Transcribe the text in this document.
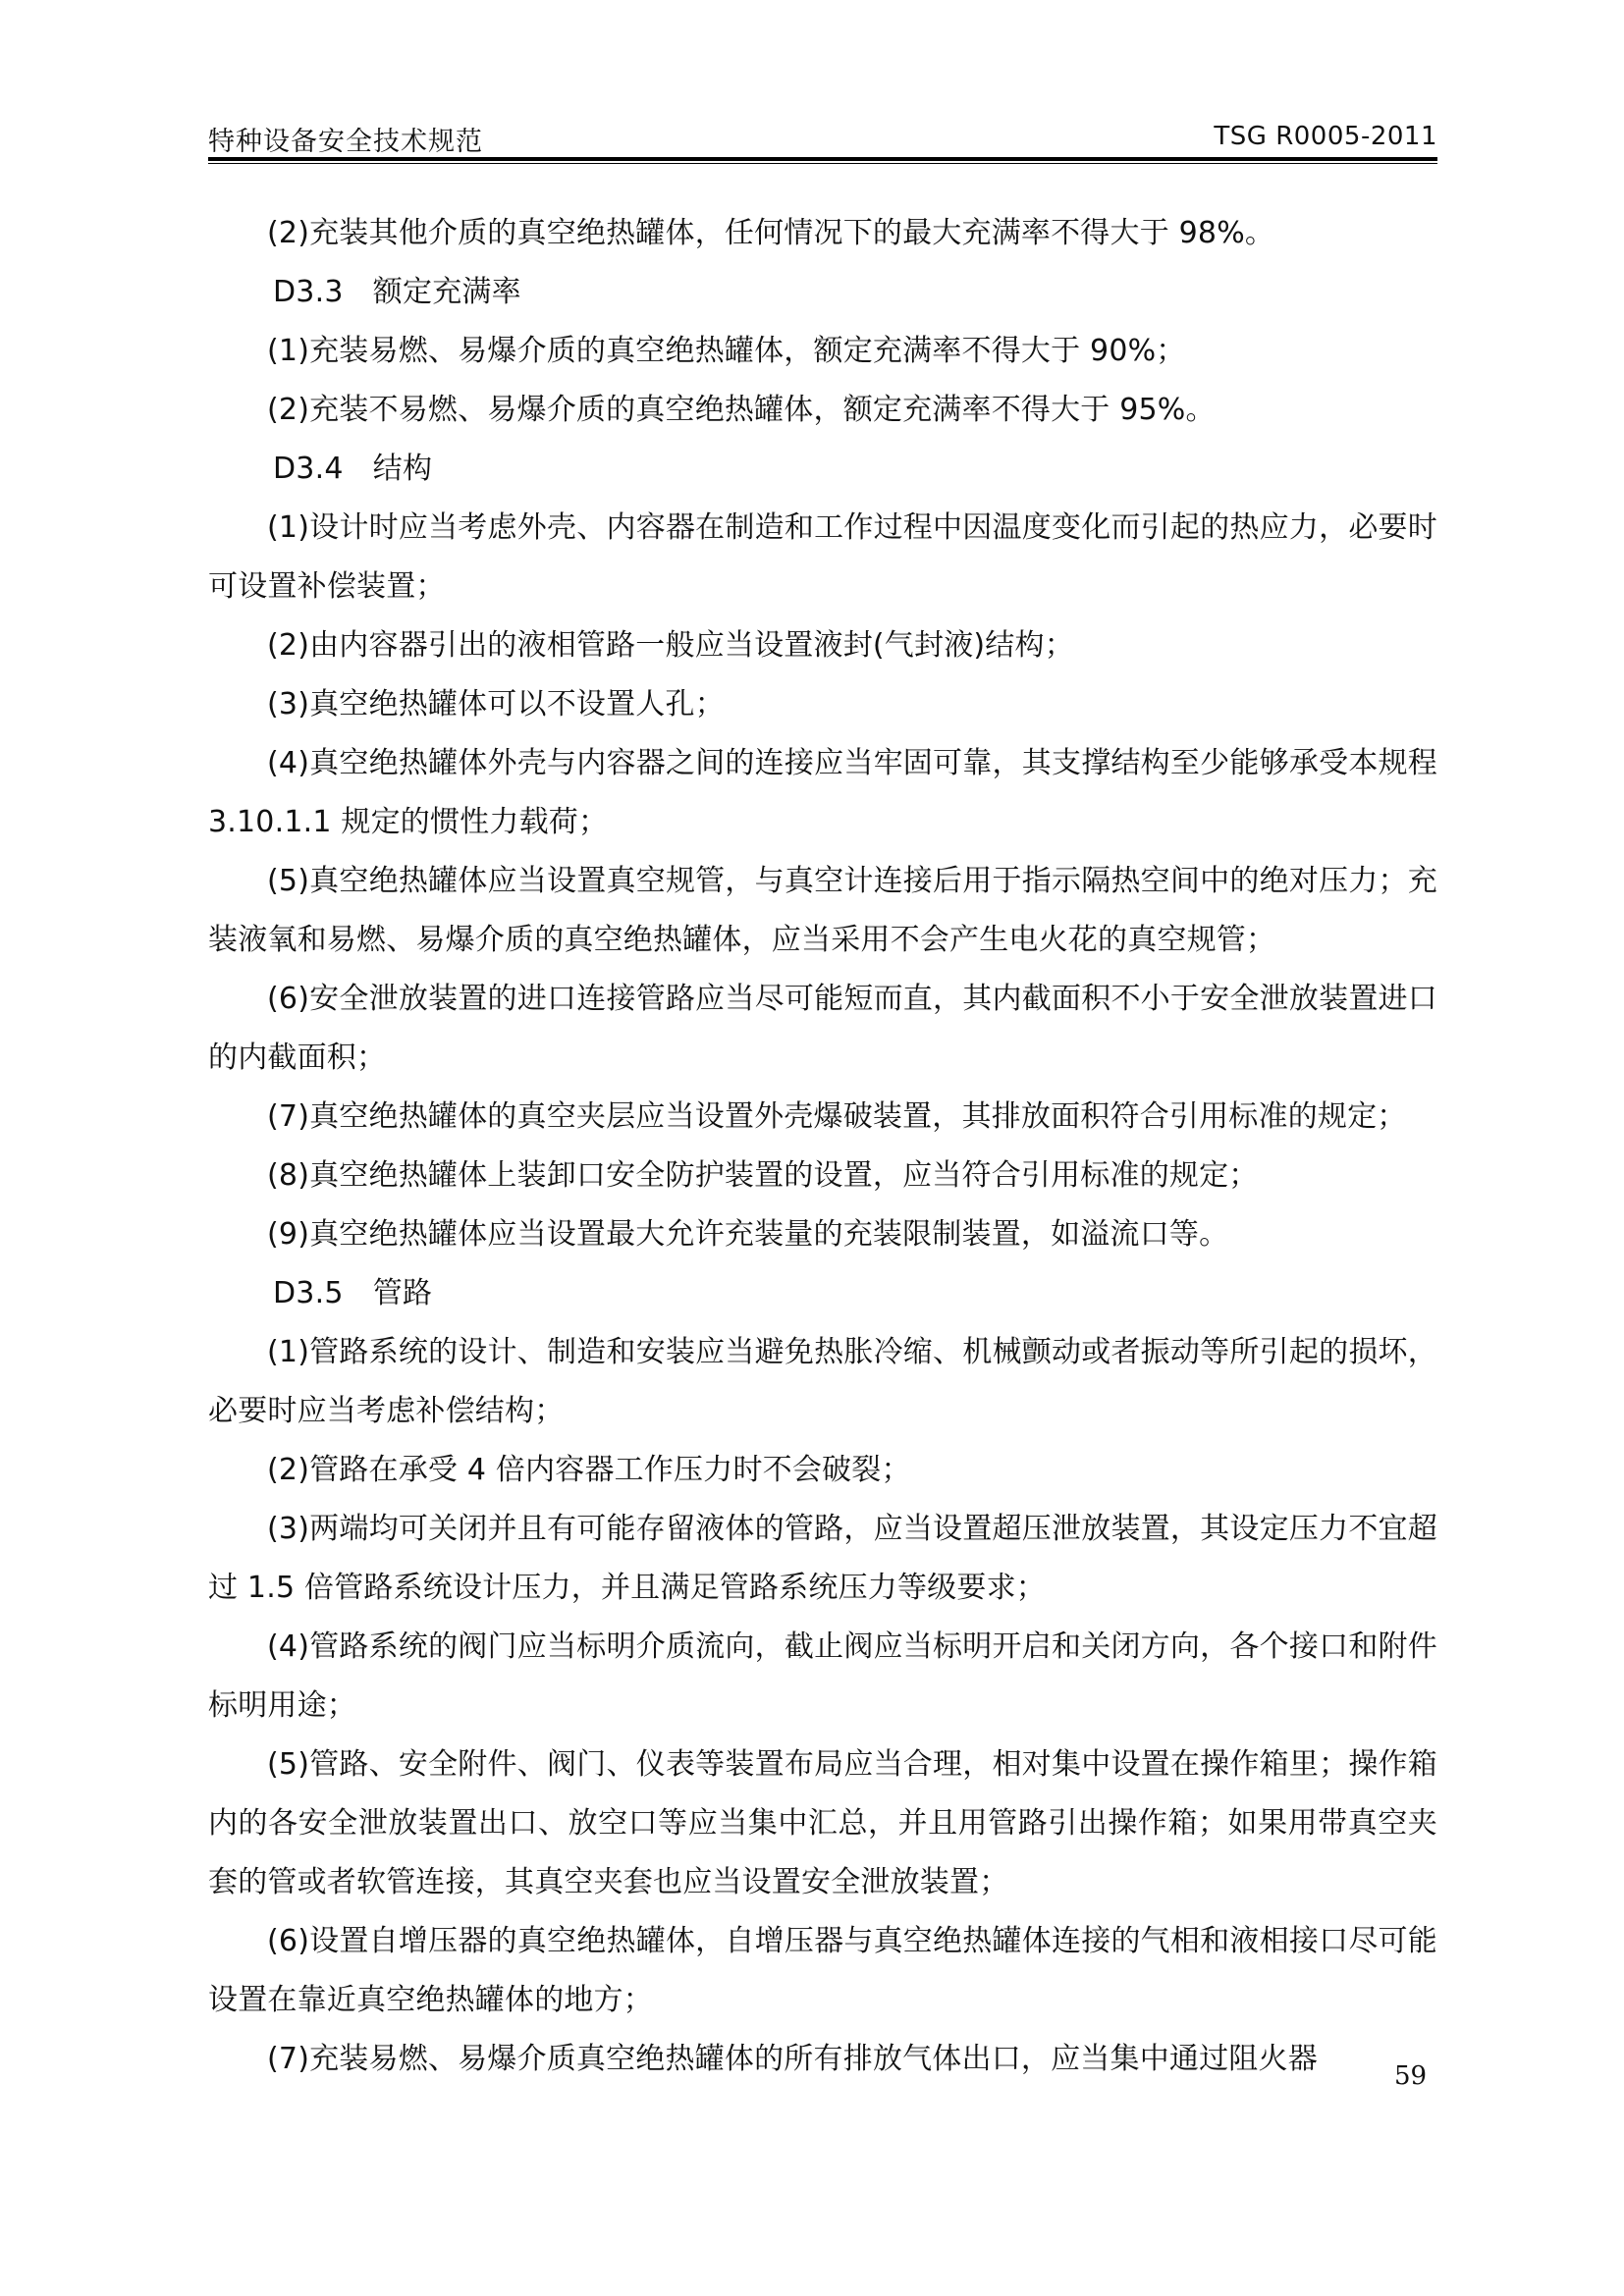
特种设备安全技术规范	TSG R0005-2011

(2)充装其他介质的真空绝热罐体，任何情况下的最大充满率不得大于 98%。

D3.3　额定充满率

(1)充装易燃、易爆介质的真空绝热罐体，额定充满率不得大于 90%；

(2)充装不易燃、易爆介质的真空绝热罐体，额定充满率不得大于 95%。

D3.4　结构

(1)设计时应当考虑外壳、内容器在制造和工作过程中因温度变化而引起的热应力，必要时可设置补偿装置；

(2)由内容器引出的液相管路一般应当设置液封(气封液)结构；

(3)真空绝热罐体可以不设置人孔；

(4)真空绝热罐体外壳与内容器之间的连接应当牢固可靠，其支撑结构至少能够承受本规程 3.10.1.1 规定的惯性力载荷；

(5)真空绝热罐体应当设置真空规管，与真空计连接后用于指示隔热空间中的绝对压力；充装液氧和易燃、易爆介质的真空绝热罐体，应当采用不会产生电火花的真空规管；

(6)安全泄放装置的进口连接管路应当尽可能短而直，其内截面积不小于安全泄放装置进口的内截面积；

(7)真空绝热罐体的真空夹层应当设置外壳爆破装置，其排放面积符合引用标准的规定；

(8)真空绝热罐体上装卸口安全防护装置的设置，应当符合引用标准的规定；

(9)真空绝热罐体应当设置最大允许充装量的充装限制装置，如溢流口等。

D3.5　管路

(1)管路系统的设计、制造和安装应当避免热胀冷缩、机械颤动或者振动等所引起的损坏，必要时应当考虑补偿结构；

(2)管路在承受 4 倍内容器工作压力时不会破裂；

(3)两端均可关闭并且有可能存留液体的管路，应当设置超压泄放装置，其设定压力不宜超过 1.5 倍管路系统设计压力，并且满足管路系统压力等级要求；

(4)管路系统的阀门应当标明介质流向，截止阀应当标明开启和关闭方向，各个接口和附件标明用途；

(5)管路、安全附件、阀门、仪表等装置布局应当合理，相对集中设置在操作箱里；操作箱内的各安全泄放装置出口、放空口等应当集中汇总，并且用管路引出操作箱；如果用带真空夹套的管或者软管连接，其真空夹套也应当设置安全泄放装置；

(6)设置自增压器的真空绝热罐体，自增压器与真空绝热罐体连接的气相和液相接口尽可能设置在靠近真空绝热罐体的地方；

(7)充装易燃、易爆介质真空绝热罐体的所有排放气体出口，应当集中通过阻火器	59
